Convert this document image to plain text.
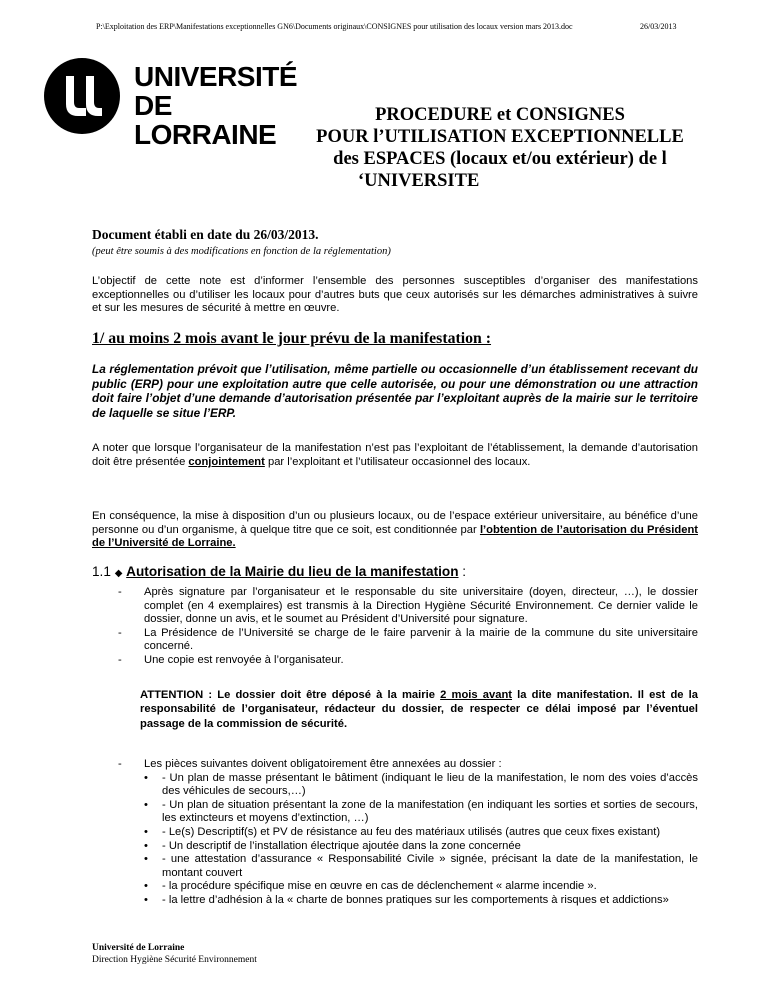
P:\Exploitation des ERP\Manifestations exceptionnelles GN6\Documents originaux\CONSIGNES pour utilisation des locaux version mars 2013.doc	26/03/2013
UNIVERSITÉ
DE LORRAINE
PROCEDURE et CONSIGNES
POUR l’UTILISATION EXCEPTIONNELLE
des ESPACES (locaux et/ou extérieur) de l
‘UNIVERSITE
Document établi en date du 26/03/2013.
(peut être soumis à des modifications en fonction de la réglementation)

L’objectif de cette note est d’informer l’ensemble des personnes susceptibles d’organiser des manifestations exceptionnelles ou d’utiliser les locaux pour d’autres buts que ceux autorisés sur les démarches administratives à suivre et sur les mesures de sécurité à mettre en œuvre.

1/ au moins 2 mois avant le jour prévu de la manifestation :

La réglementation prévoit que l’utilisation, même partielle ou occasionnelle d’un établissement recevant du public (ERP) pour une exploitation autre que celle autorisée, ou pour une démonstration ou une attraction doit faire l’objet d’une demande d’autorisation présentée par l’exploitant auprès de la mairie sur le territoire de laquelle se situe l’ERP.

A noter que lorsque l’organisateur de la manifestation n’est pas l’exploitant de l’établissement, la demande d’autorisation doit être présentée conjointement par l’exploitant et l’utilisateur occasionnel des locaux.

En conséquence, la mise à disposition d’un ou plusieurs locaux, ou de l’espace extérieur universitaire, au bénéfice d’une personne ou d’un organisme, à quelque titre que ce soit, est conditionnée par l’obtention de l’autorisation du Président de l’Université de Lorraine.

1.1 ◆ Autorisation de la Mairie du lieu de la manifestation :
- Après signature par l’organisateur et le responsable du site universitaire (doyen, directeur, …), le dossier complet (en 4 exemplaires) est transmis à la Direction Hygiène Sécurité Environnement. Ce dernier valide le dossier, donne un avis, et le soumet au Président d’Université pour signature.
- La Présidence de l’Université se charge de le faire parvenir à la mairie de la commune du site universitaire concerné.
- Une copie est renvoyée à l’organisateur.

ATTENTION : Le dossier doit être déposé à la mairie 2 mois avant la dite manifestation. Il est de la responsabilité de l’organisateur, rédacteur du dossier, de respecter ce délai imposé par l’éventuel passage de la commission de sécurité.

- Les pièces suivantes doivent obligatoirement être annexées au dossier :
• - Un plan de masse présentant le bâtiment (indiquant le lieu de la manifestation, le nom des voies d’accès des véhicules de secours,…)
• - Un plan de situation présentant la zone de la manifestation (en indiquant les sorties et sorties de secours, les extincteurs et moyens d’extinction, …)
• - Le(s) Descriptif(s) et PV de résistance au feu des matériaux utilisés (autres que ceux fixes existant)
• - Un descriptif de l’installation électrique ajoutée dans la zone concernée
• - une attestation d’assurance « Responsabilité Civile » signée, précisant la date de la manifestation, le montant couvert
• - la procédure spécifique mise en œuvre en cas de déclenchement « alarme incendie ».
• - la lettre d’adhésion à la « charte de bonnes pratiques sur les comportements à risques et addictions»
Université de Lorraine
Direction Hygiène Sécurité Environnement
